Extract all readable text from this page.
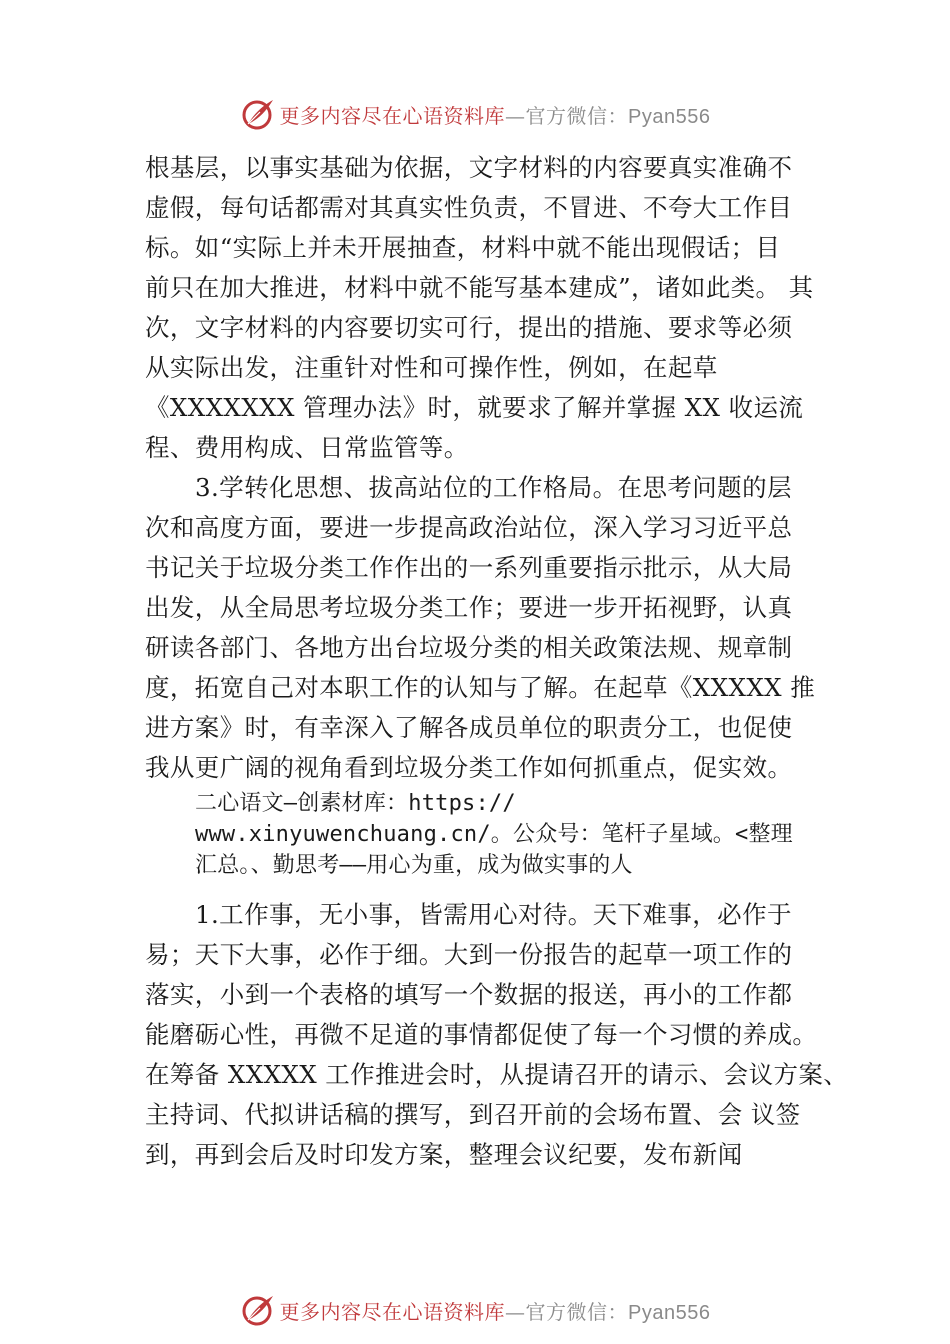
更多内容尽在心语资料库—官方微信：Pyan556
根基层，以事实基础为依据，文字材料的内容要真实准确不
虚假，每句话都需对其真实性负责，不冒进、不夸大工作目
标。如“实际上并未开展抽查，材料中就不能出现假话；目
前只在加大推进，材料中就不能写基本建成”，诸如此类。 其
次，文字材料的内容要切实可行，提出的措施、要求等必须
从实际出发，注重针对性和可操作性，例如，在起草
《XXXXXXX 管理办法》时，就要求了解并掌握 XX 收运流
程、费用构成、日常监管等。
3.学转化思想、拔高站位的工作格局。在思考问题的层
次和高度方面，要进一步提高政治站位，深入学习习近平总
书记关于垃圾分类工作作出的一系列重要指示批示，从大局
出发，从全局思考垃圾分类工作；要进一步开拓视野，认真
研读各部门、各地方出台垃圾分类的相关政策法规、规章制
度，拓宽自己对本职工作的认知与了解。在起草《XXXXX 推
进方案》时，有幸深入了解各成员单位的职责分工，也促使
我从更广阔的视角看到垃圾分类工作如何抓重点，促实效。
二心语文—创素材库：https://
www.xinyuwenchuang.cn/。公众号：笔杆子星域。<整理
汇总。、勤思考——用心为重，成为做实事的人
1.工作事，无小事，皆需用心对待。天下难事，必作于
易；天下大事，必作于细。大到一份报告的起草一项工作的
落实，小到一个表格的填写一个数据的报送，再小的工作都
能磨砺心性，再微不足道的事情都促使了每一个习惯的养成。
在筹备 XXXXX 工作推进会时，从提请召开的请示、会议方案、
主持词、代拟讲话稿的撰写，到召开前的会场布置、会 议签
到，再到会后及时印发方案，整理会议纪要，发布新闻
更多内容尽在心语资料库—官方微信：Pyan556
